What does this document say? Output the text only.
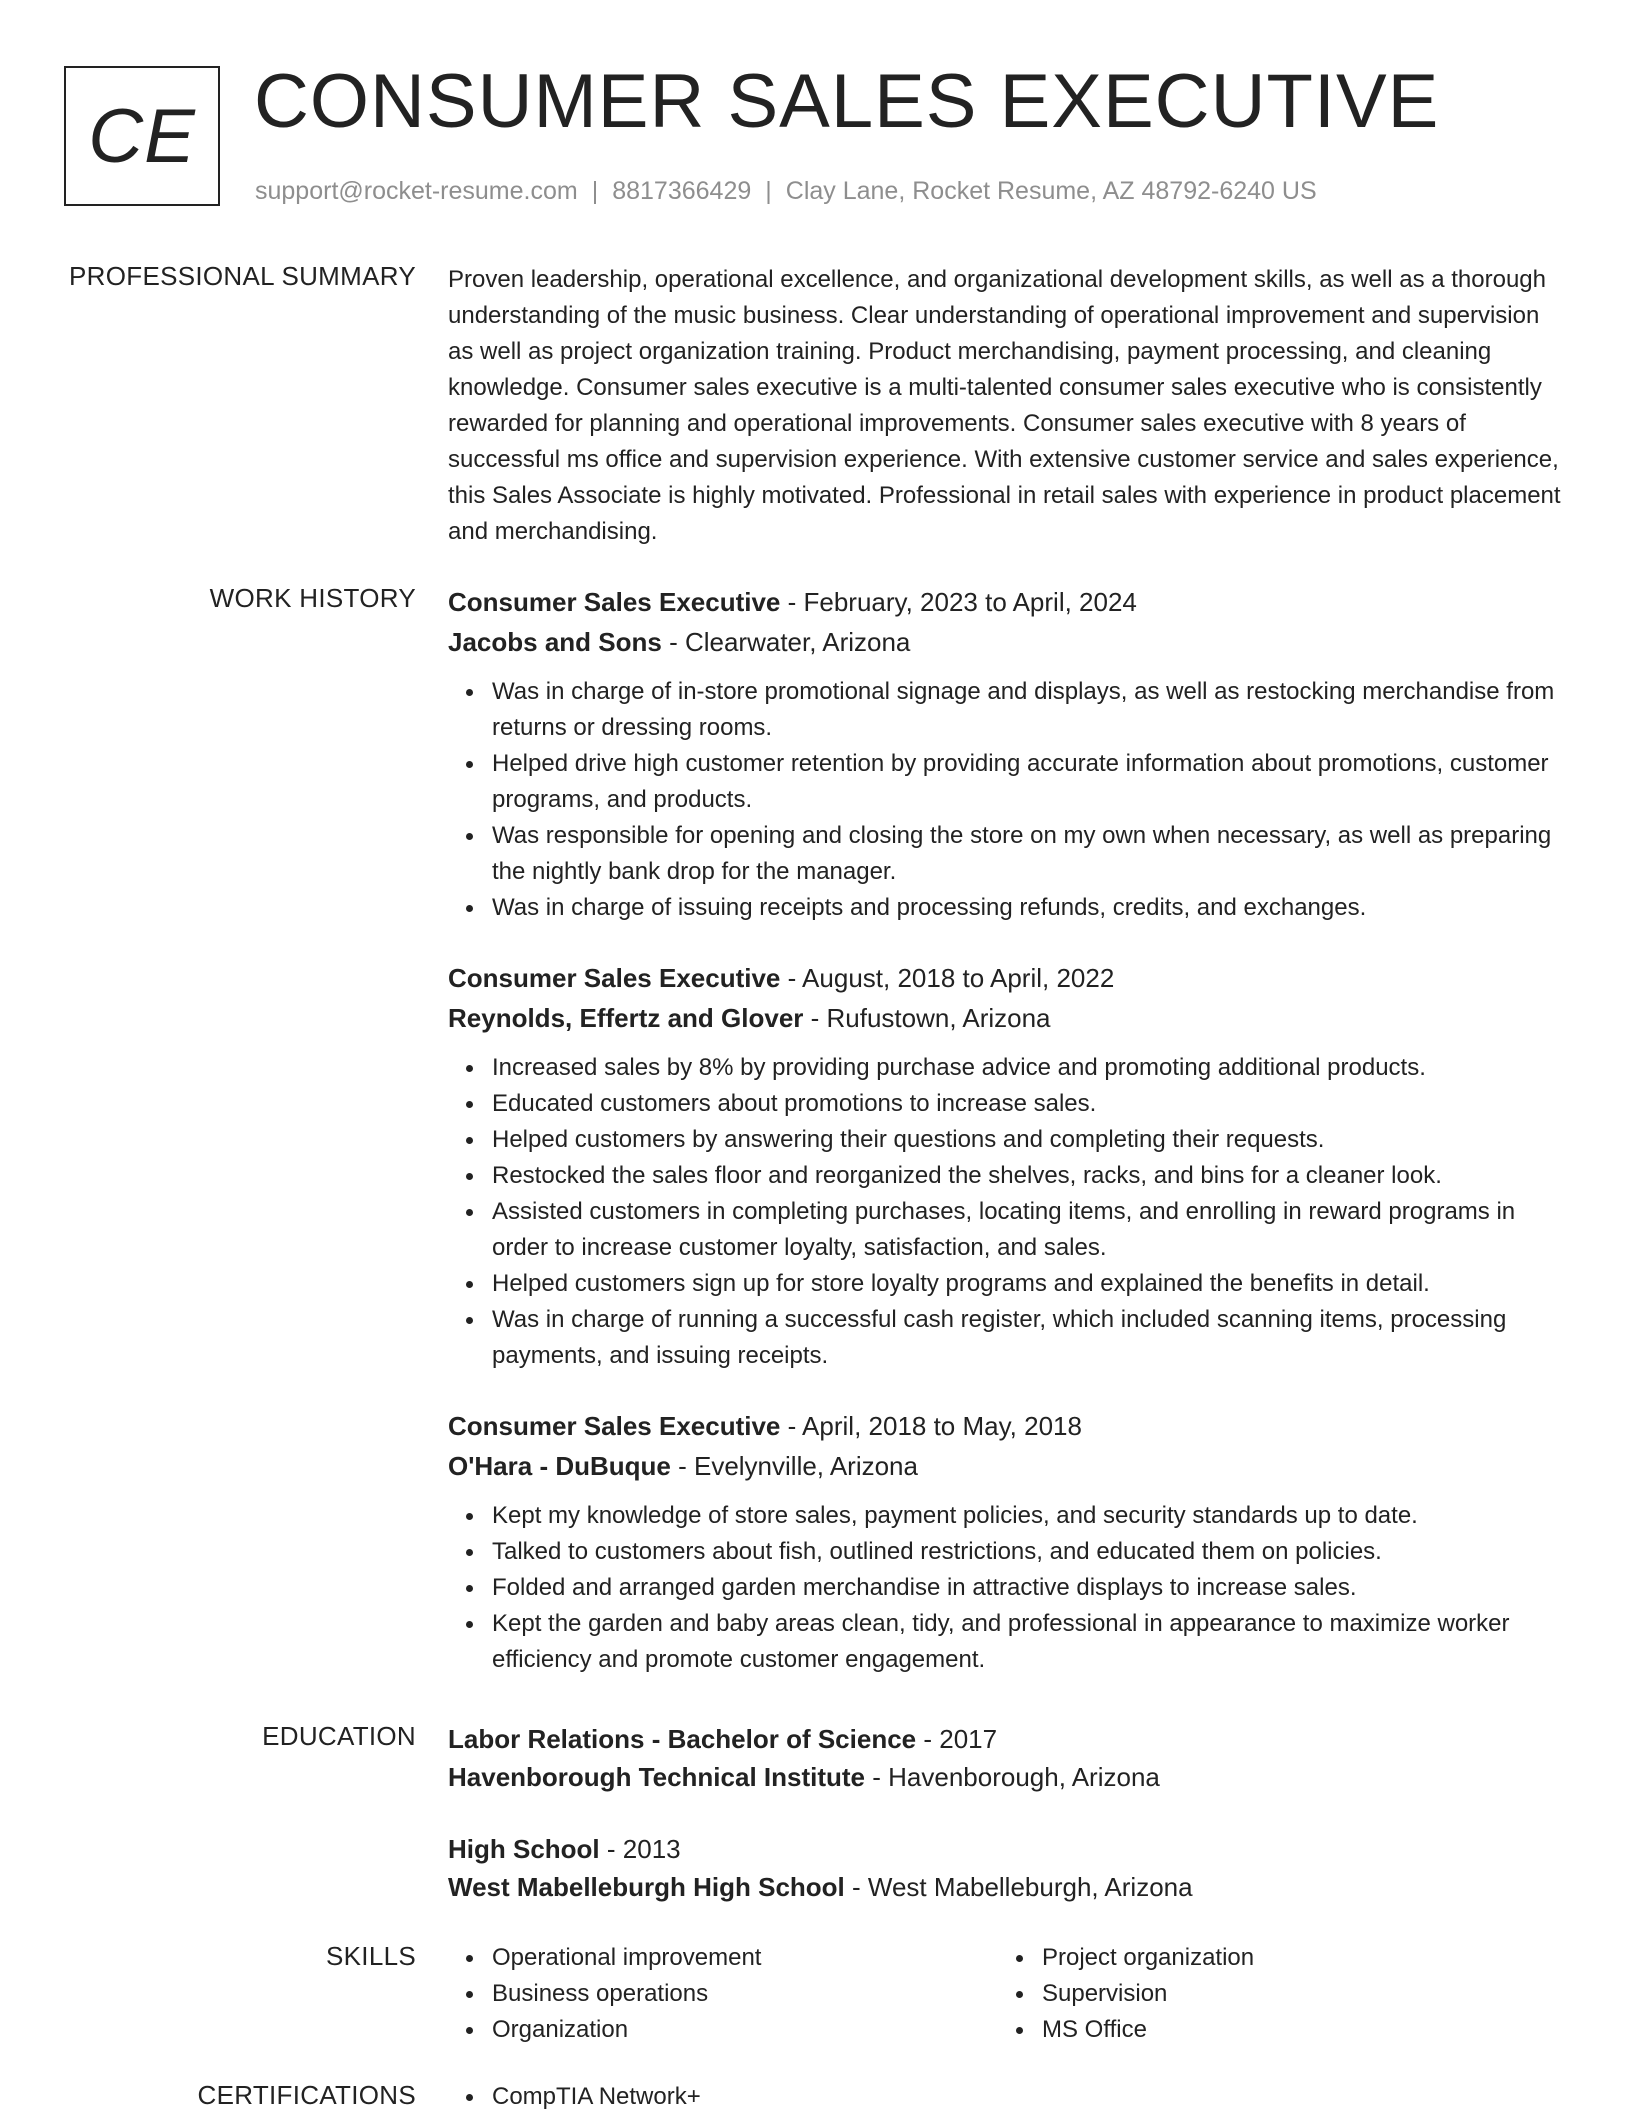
CE CONSUMER SALES EXECUTIVE
support@rocket-resume.com | 8817366429 | Clay Lane, Rocket Resume, AZ 48792-6240 US
PROFESSIONAL SUMMARY Proven leadership, operational excellence, and organizational development skills, as well as a thorough understanding of the music business. Clear understanding of operational improvement and supervision as well as project organization training. Product merchandising, payment processing, and cleaning knowledge. Consumer sales executive is a multi-talented consumer sales executive who is consistently rewarded for planning and operational improvements. Consumer sales executive with 8 years of successful ms office and supervision experience. With extensive customer service and sales experience, this Sales Associate is highly motivated. Professional in retail sales with experience in product placement and merchandising.

WORK HISTORY Consumer Sales Executive - February, 2023 to April, 2024
Jacobs and Sons - Clearwater, Arizona
Was in charge of in-store promotional signage and displays, as well as restocking merchandise from returns or dressing rooms.
Helped drive high customer retention by providing accurate information about promotions, customer programs, and products.
Was responsible for opening and closing the store on my own when necessary, as well as preparing the nightly bank drop for the manager.
Was in charge of issuing receipts and processing refunds, credits, and exchanges.
Consumer Sales Executive - August, 2018 to April, 2022
Reynolds, Effertz and Glover - Rufustown, Arizona
Increased sales by 8% by providing purchase advice and promoting additional products.
Educated customers about promotions to increase sales.
Helped customers by answering their questions and completing their requests.
Restocked the sales floor and reorganized the shelves, racks, and bins for a cleaner look.
Assisted customers in completing purchases, locating items, and enrolling in reward programs in order to increase customer loyalty, satisfaction, and sales.
Helped customers sign up for store loyalty programs and explained the benefits in detail.
Was in charge of running a successful cash register, which included scanning items, processing payments, and issuing receipts.
Consumer Sales Executive - April, 2018 to May, 2018
O'Hara - DuBuque - Evelynville, Arizona
Kept my knowledge of store sales, payment policies, and security standards up to date.
Talked to customers about fish, outlined restrictions, and educated them on policies.
Folded and arranged garden merchandise in attractive displays to increase sales.
Kept the garden and baby areas clean, tidy, and professional in appearance to maximize worker efficiency and promote customer engagement.
EDUCATION Labor Relations - Bachelor of Science - 2017
Havenborough Technical Institute - Havenborough, Arizona
High School - 2013
West Mabelleburgh High School - West Mabelleburgh, Arizona
SKILLS	Operational improvement
Business operations
Organization
Project organization
Supervision
MS Office
CERTIFICATIONS	CompTIA Network+
